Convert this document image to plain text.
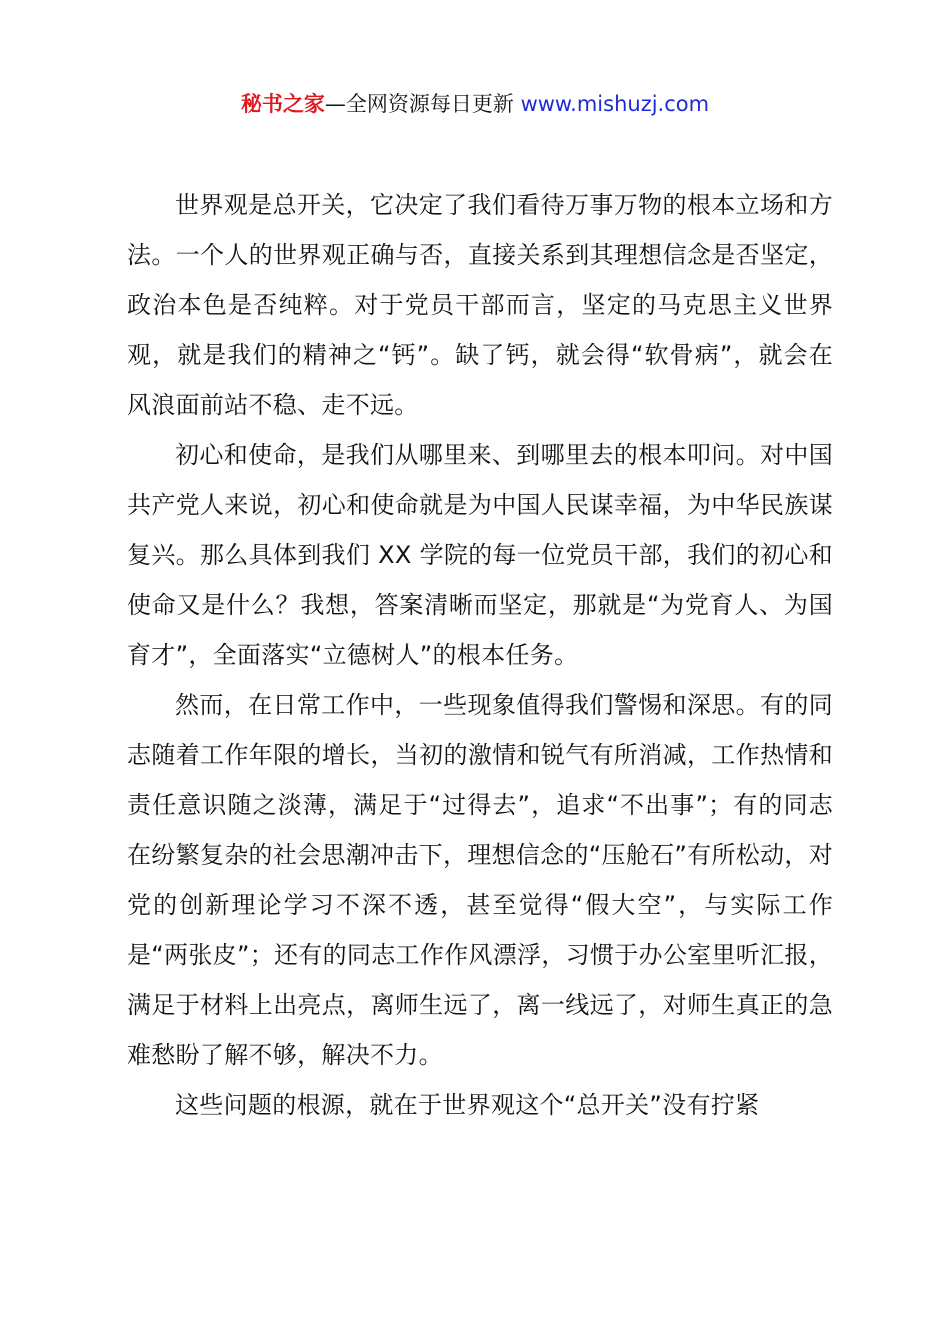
秘书之家—全网资源每日更新 www.mishuzj.com

世界观是总开关，它决定了我们看待万事万物的根本立场和方法。一个人的世界观正确与否，直接关系到其理想信念是否坚定，政治本色是否纯粹。对于党员干部而言，坚定的马克思主义世界观，就是我们的精神之“钙”。缺了钙，就会得“软骨病”，就会在风浪面前站不稳、走不远。

初心和使命，是我们从哪里来、到哪里去的根本叩问。对中国共产党人来说，初心和使命就是为中国人民谋幸福，为中华民族谋复兴。那么具体到我们 XX 学院的每一位党员干部，我们的初心和使命又是什么？我想，答案清晰而坚定，那就是“为党育人、为国育才”，全面落实“立德树人”的根本任务。

然而，在日常工作中，一些现象值得我们警惕和深思。有的同志随着工作年限的增长，当初的激情和锐气有所消减，工作热情和责任意识随之淡薄，满足于“过得去”，追求“不出事”；有的同志在纷繁复杂的社会思潮冲击下，理想信念的“压舱石”有所松动，对党的创新理论学习不深不透，甚至觉得“假大空”，与实际工作是“两张皮”；还有的同志工作作风漂浮，习惯于办公室里听汇报，满足于材料上出亮点，离师生远了，离一线远了，对师生真正的急难愁盼了解不够，解决不力。

这些问题的根源，就在于世界观这个“总开关”没有拧紧
